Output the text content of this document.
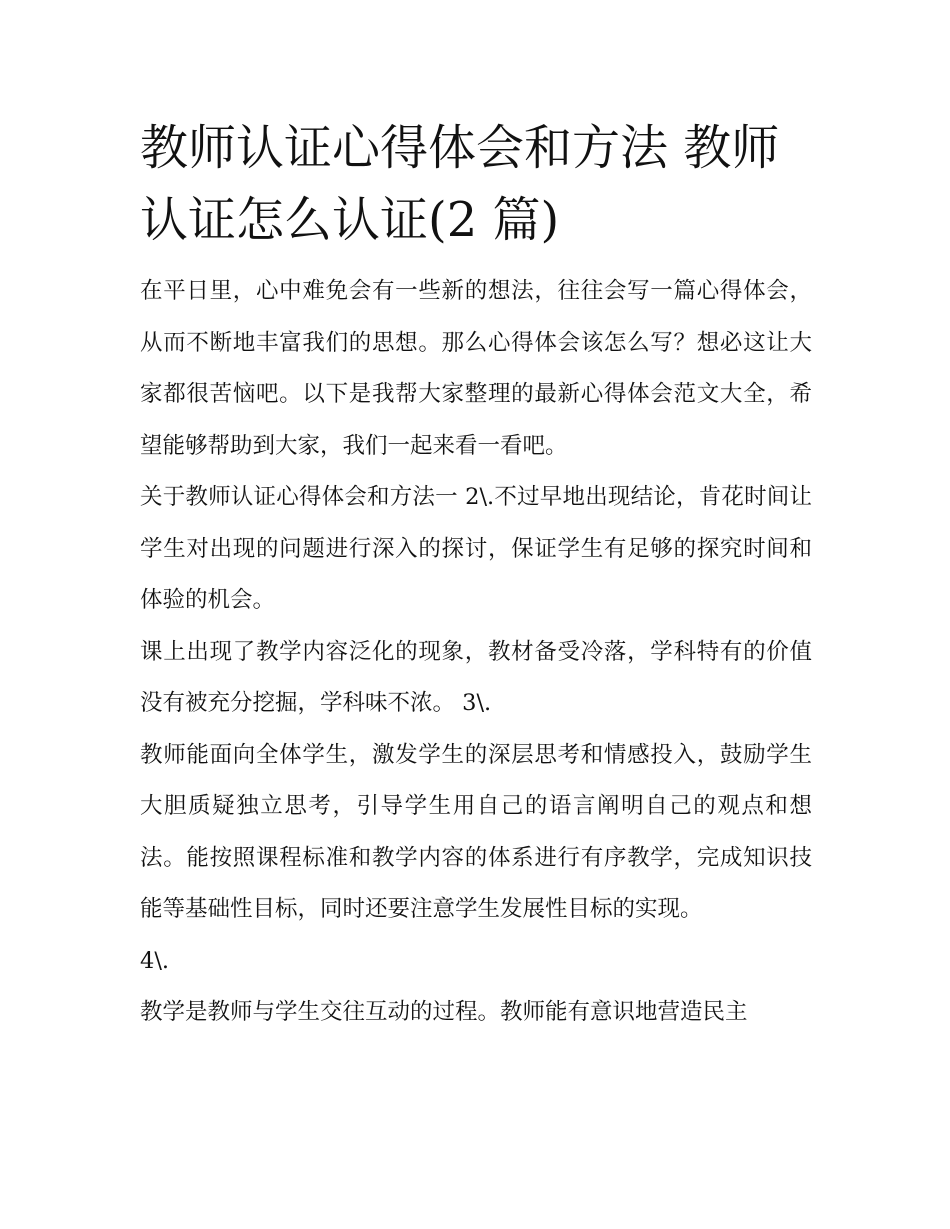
教师认证心得体会和方法 教师认证怎么认证(2 篇)

在平日里，心中难免会有一些新的想法，往往会写一篇心得体会，从而不断地丰富我们的思想。那么心得体会该怎么写？想必这让大家都很苦恼吧。以下是我帮大家整理的最新心得体会范文大全，希望能够帮助到大家，我们一起来看一看吧。

关于教师认证心得体会和方法一 2\.不过早地出现结论，肯花时间让学生对出现的问题进行深入的探讨，保证学生有足够的探究时间和体验的机会。

课上出现了教学内容泛化的现象，教材备受冷落，学科特有的价值没有被充分挖掘，学科味不浓。 3\.

教师能面向全体学生，激发学生的深层思考和情感投入，鼓励学生大胆质疑独立思考，引导学生用自己的语言阐明自己的观点和想法。能按照课程标准和教学内容的体系进行有序教学，完成知识技能等基础性目标，同时还要注意学生发展性目标的实现。

4\.

教学是教师与学生交往互动的过程。教师能有意识地营造民主
